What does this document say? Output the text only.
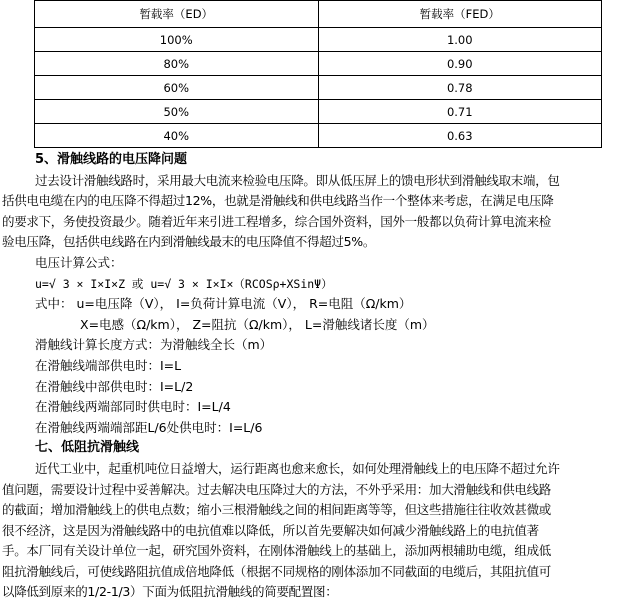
暂载率（ED）	暂载率（FED）
100%	1.00
80%	0.90
60%	0.78
50%	0.71
40%	0.63

5、滑触线路的电压降问题

过去设计滑触线路时，采用最大电流来检验电压降。即从低压屏上的馈电形状到滑触线取末端，包

括供电电缆在内的电压降不得超过12%，也就是滑触线和供电线路当作一个整体来考虑，在满足电压降

的要求下，务使投资最少。随着近年来引进工程增多，综合国外资料，国外一般都以负荷计算电流来检

验电压降，包括供电线路在内到滑触线最末的电压降值不得超过5%。

电压计算公式：

u=√ 3 × I×I×Z 或 u=√ 3 × I×I×（RCOSρ+XSinΨ）

式中： u=电压降（V）， I=负荷计算电流（V）， R=电阻（Ω/km）

X=电感（Ω/km）， Z=阻抗（Ω/km）， L=滑触线诸长度（m）

滑触线计算长度方式：为滑触线全长（m）

在滑触线端部供电时：I=L

在滑触线中部供电时：I=L/2

在滑触线两端部同时供电时：I=L/4

在滑触线两端端部距L/6处供电时：I=L/6

七、低阻抗滑触线

近代工业中，起重机吨位日益增大，运行距离也愈来愈长，如何处理滑触线上的电压降不超过允许

值问题，需要设计过程中妥善解决。过去解决电压降过大的方法，不外乎采用：加大滑触线和供电线路

的截面；增加滑触线上的供电点数；缩小三根滑触线之间的相间距离等等，但这些措施往往收效甚微或

很不经济，这是因为滑触线路中的电抗值难以降低，所以首先要解决如何减少滑触线路上的电抗值著

手。本厂同有关设计单位一起，研究国外资料，在刚体滑触线上的基础上，添加两根辅助电缆，组成低

阻抗滑触线后，可使线路阻抗值成倍地降低（根据不同规格的刚体添加不同截面的电缆后，其阻抗值可

以降低到原来的1/2-1/3）下面为低阻抗滑触线的简要配置图：
